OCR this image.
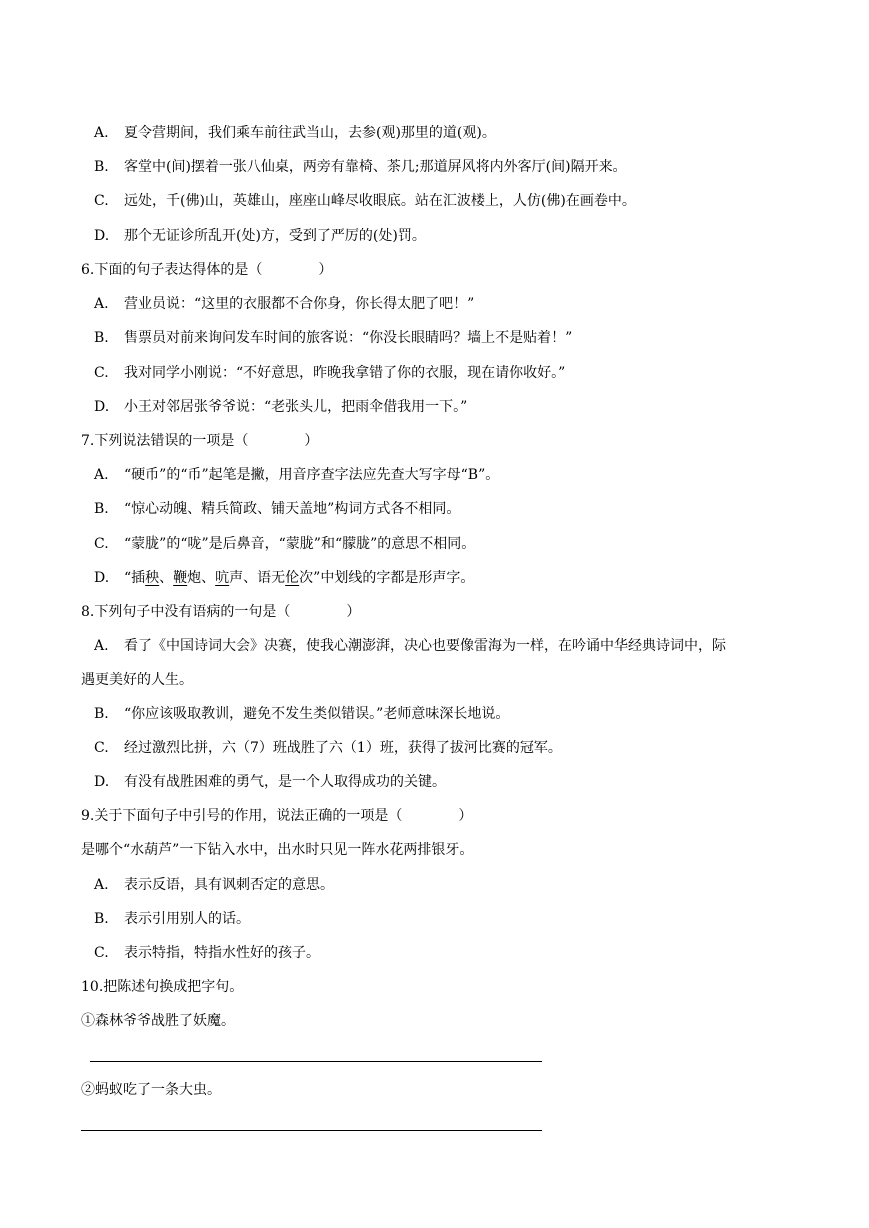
A. 夏令营期间，我们乘车前往武当山，去参(观)那里的道(观)。
B. 客堂中(间)摆着一张八仙桌，两旁有靠椅、茶几;那道屏风将内外客厅(间)隔开来。
C. 远处，千(佛)山，英雄山，座座山峰尽收眼底。站在汇波楼上，人仿(佛)在画卷中。
D. 那个无证诊所乱开(处)方，受到了严厉的(处)罚。
6.下面的句子表达得体的是（　　　　）
A. 营业员说：“这里的衣服都不合你身，你长得太肥了吧！”
B. 售票员对前来询问发车时间的旅客说：“你没长眼睛吗？墙上不是贴着！”
C. 我对同学小刚说：“不好意思，昨晚我拿错了你的衣服，现在请你收好。”
D. 小王对邻居张爷爷说：“老张头儿，把雨伞借我用一下。”
7.下列说法错误的一项是（　　　　）
A. “硬币”的“币”起笔是撇，用音序查字法应先查大写字母“B”。
B. “惊心动魄、精兵简政、铺天盖地”构词方式各不相同。
C. “蒙胧”的“咙”是后鼻音，“蒙胧”和“朦胧”的意思不相同。
D. “插秧、鞭炮、吭声、语无伦次”中划线的字都是形声字。
8.下列句子中没有语病的一句是（　　　　）
A. 看了《中国诗词大会》决赛，使我心潮澎湃，决心也要像雷海为一样，在吟诵中华经典诗词中，际
遇更美好的人生。
B. “你应该吸取教训，避免不发生类似错误。”老师意味深长地说。
C. 经过激烈比拼，六（7）班战胜了六（1）班，获得了拔河比赛的冠军。
D. 有没有战胜困难的勇气，是一个人取得成功的关键。
9.关于下面句子中引号的作用，说法正确的一项是（　　　　）
是哪个“水葫芦”一下钻入水中，出水时只见一阵水花两排银牙。
A. 表示反语，具有讽刺否定的意思。
B. 表示引用别人的话。
C. 表示特指，特指水性好的孩子。
10.把陈述句换成把字句。
①森林爷爷战胜了妖魔。
②蚂蚁吃了一条大虫。
